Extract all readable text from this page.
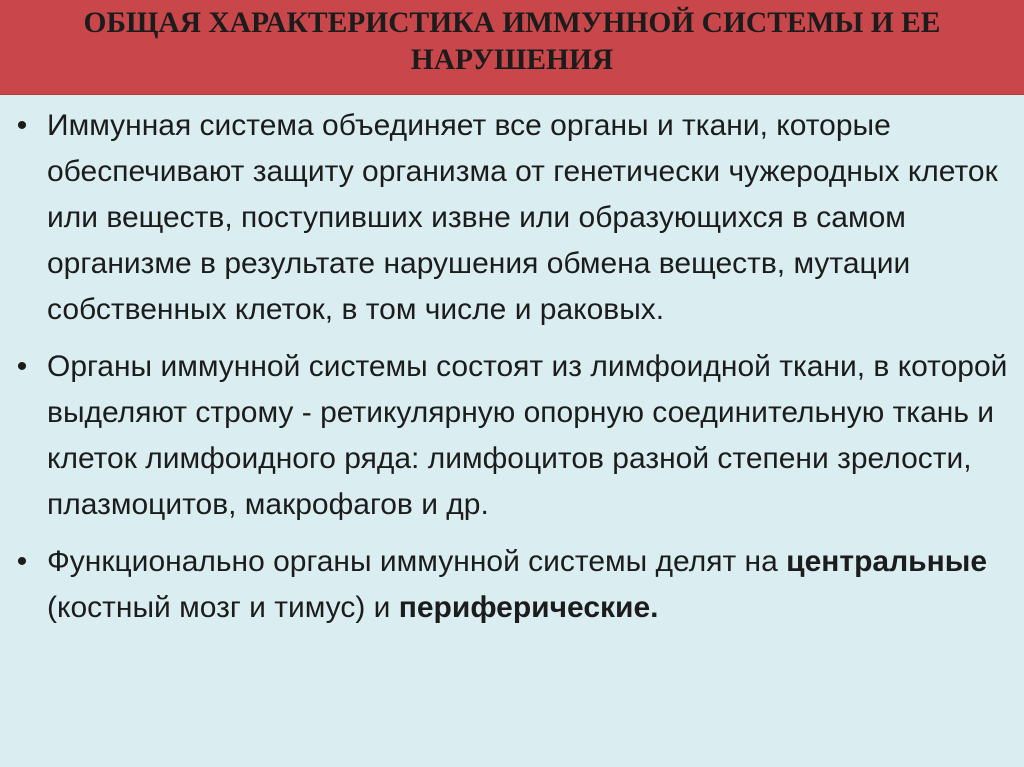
ОБЩАЯ ХАРАКТЕРИСТИКА ИММУННОЙ СИСТЕМЫ И ЕЕ НАРУШЕНИЯ
• Иммунная система объединяет все органы и ткани, которые обеспечивают защиту организма от генетически чужеродных клеток или веществ, поступивших извне или образующихся в самом организме в результате нарушения обмена веществ, мутации собственных клеток, в том числе и раковых.
• Органы иммунной системы состоят из лимфоидной ткани, в которой выделяют строму - ретикулярную опорную соединительную ткань и клеток лимфоидного ряда: лимфоцитов разной степени зрелости, плазмоцитов, макрофагов и др.
• Функционально органы иммунной системы делят на центральные (костный мозг и тимус) и периферические.
